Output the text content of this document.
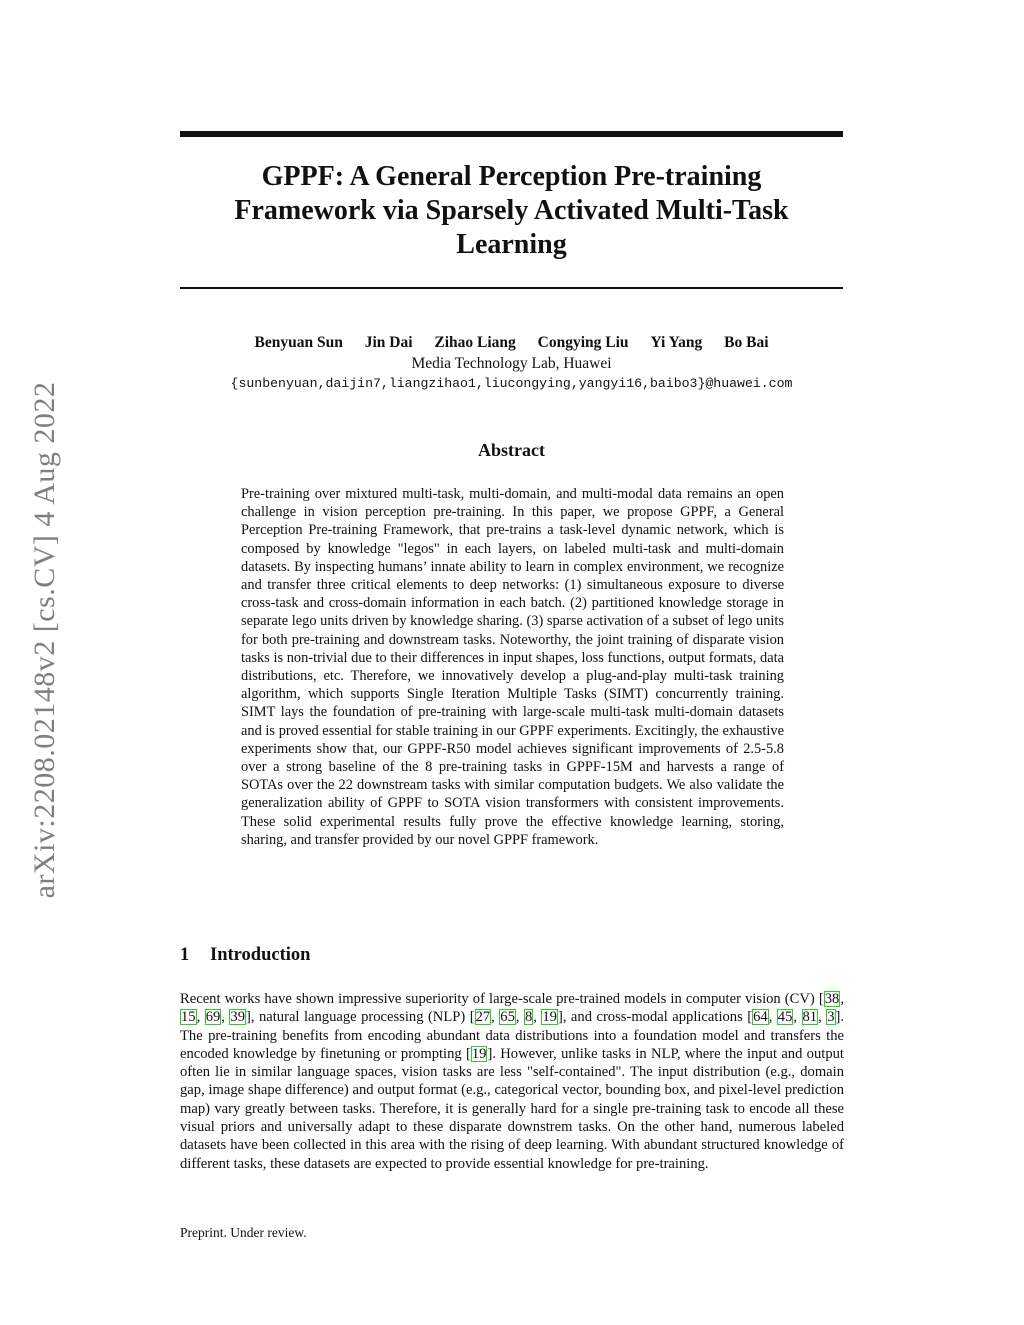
arXiv:2208.02148v2 [cs.CV] 4 Aug 2022
GPPF: A General Perception Pre-training
Framework via Sparsely Activated Multi-Task
Learning
Benyuan Sun Jin Dai Zihao Liang Congying Liu Yi Yang Bo Bai
Media Technology Lab, Huawei
{sunbenyuan,daijin7,liangzihao1,liucongying,yangyi16,baibo3}@huawei.com
Abstract

Pre-training over mixtured multi-task, multi-domain, and multi-modal data remains an open challenge in vision perception pre-training. In this paper, we propose GPPF, a General Perception Pre-training Framework, that pre-trains a task-level dynamic network, which is composed by knowledge "legos" in each layers, on labeled multi-task and multi-domain datasets. By inspecting humans’ innate ability to learn in complex environment, we recognize and transfer three critical elements to deep networks: (1) simultaneous exposure to diverse cross-task and cross-domain information in each batch. (2) partitioned knowledge storage in separate lego units driven by knowledge sharing. (3) sparse activation of a subset of lego units for both pre-training and downstream tasks. Noteworthy, the joint training of disparate vision tasks is non-trivial due to their differences in input shapes, loss functions, output formats, data distributions, etc. Therefore, we innovatively develop a plug-and-play multi-task training algorithm, which supports Single Iteration Multiple Tasks (SIMT) concurrently training. SIMT lays the foundation of pre-training with large-scale multi-task multi-domain datasets and is proved essential for stable training in our GPPF experiments. Excitingly, the exhaustive experiments show that, our GPPF-R50 model achieves significant improvements of 2.5-5.8 over a strong baseline of the 8 pre-training tasks in GPPF-15M and harvests a range of SOTAs over the 22 downstream tasks with similar computation budgets. We also validate the generalization ability of GPPF to SOTA vision transformers with consistent improvements. These solid experimental results fully prove the effective knowledge learning, storing, sharing, and transfer provided by our novel GPPF framework.

1 Introduction

Recent works have shown impressive superiority of large-scale pre-trained models in computer vision (CV) [38, 15, 69, 39], natural language processing (NLP) [27, 65, 8, 19], and cross-modal applications [64, 45, 81, 3]. The pre-training benefits from encoding abundant data distributions into a foundation model and transfers the encoded knowledge by finetuning or prompting [19]. However, unlike tasks in NLP, where the input and output often lie in similar language spaces, vision tasks are less "self-contained". The input distribution (e.g., domain gap, image shape difference) and output format (e.g., categorical vector, bounding box, and pixel-level prediction map) vary greatly between tasks. Therefore, it is generally hard for a single pre-training task to encode all these visual priors and universally adapt to these disparate downstrem tasks. On the other hand, numerous labeled datasets have been collected in this area with the rising of deep learning. With abundant structured knowledge of different tasks, these datasets are expected to provide essential knowledge for pre-training.

Preprint. Under review.
